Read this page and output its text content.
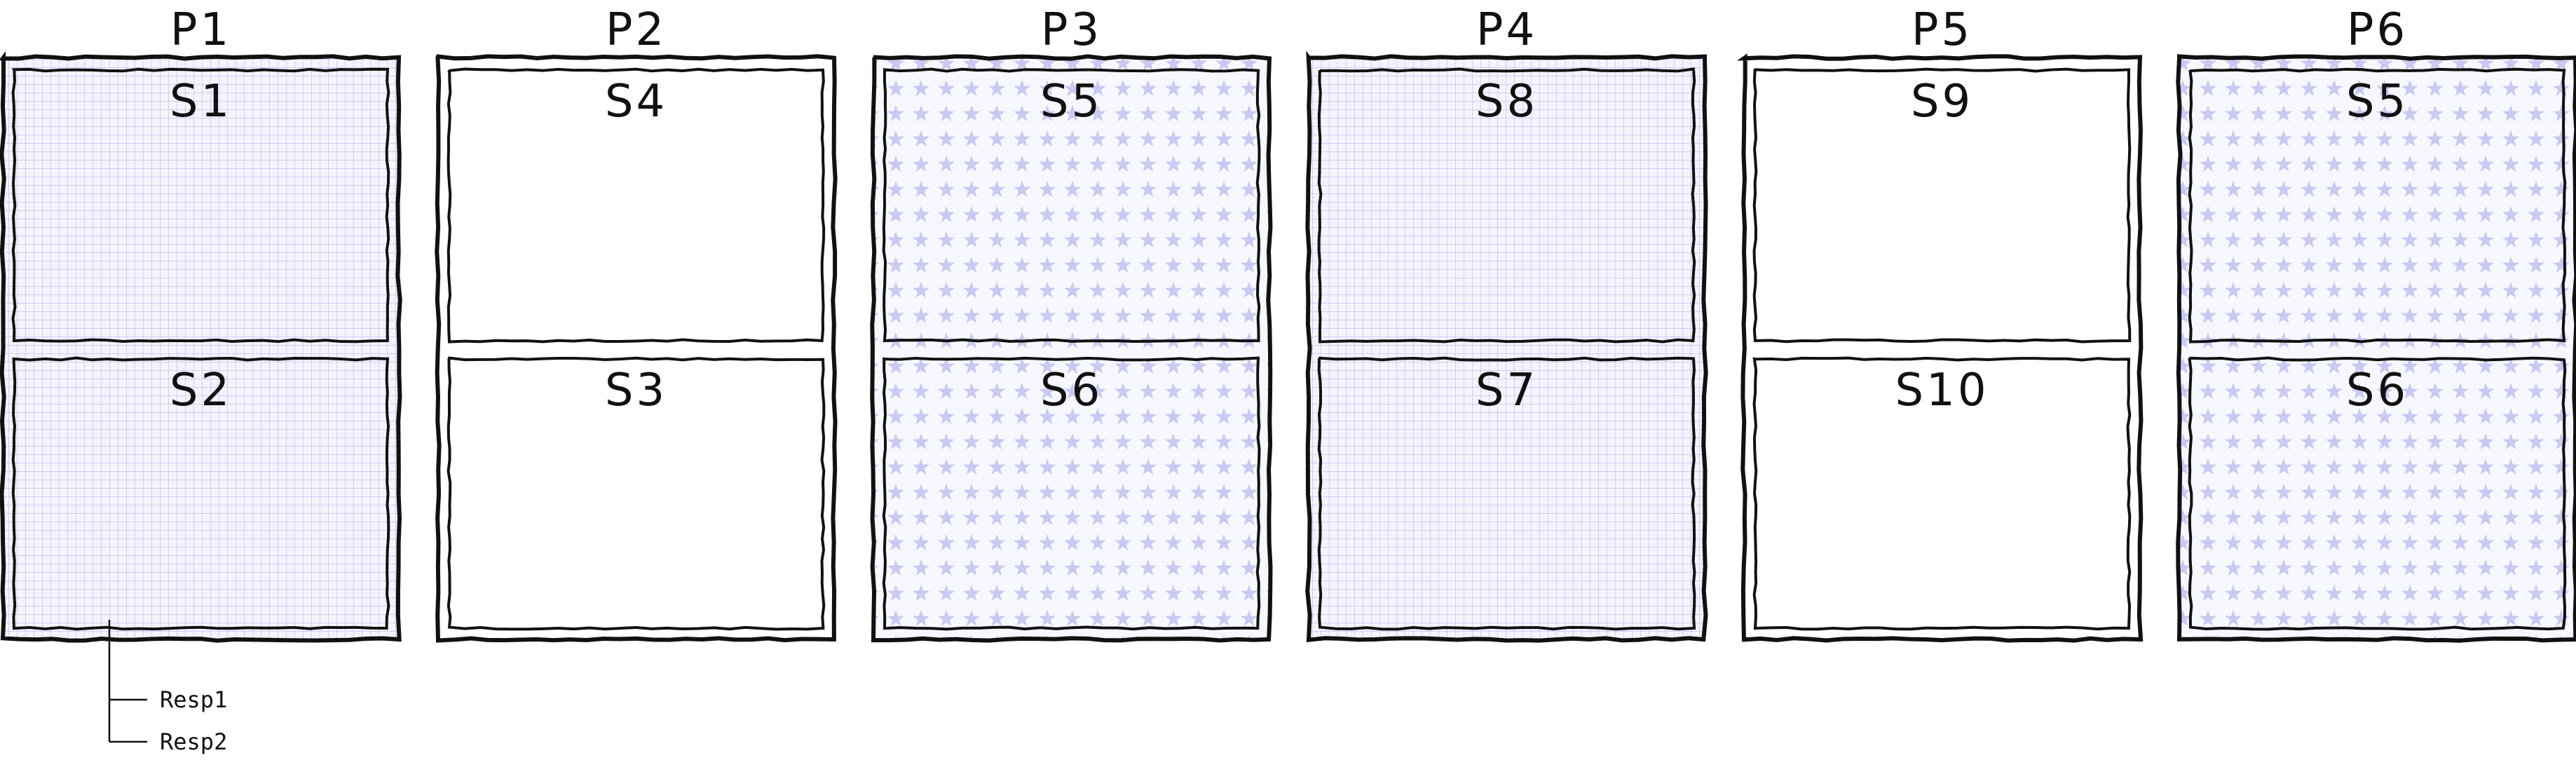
P1
S1
S2
P2
S4
S3
P3
S5
S6
P4
S8
S7
P5
S9
S10
P6
S5
S6
Resp1
Resp2
